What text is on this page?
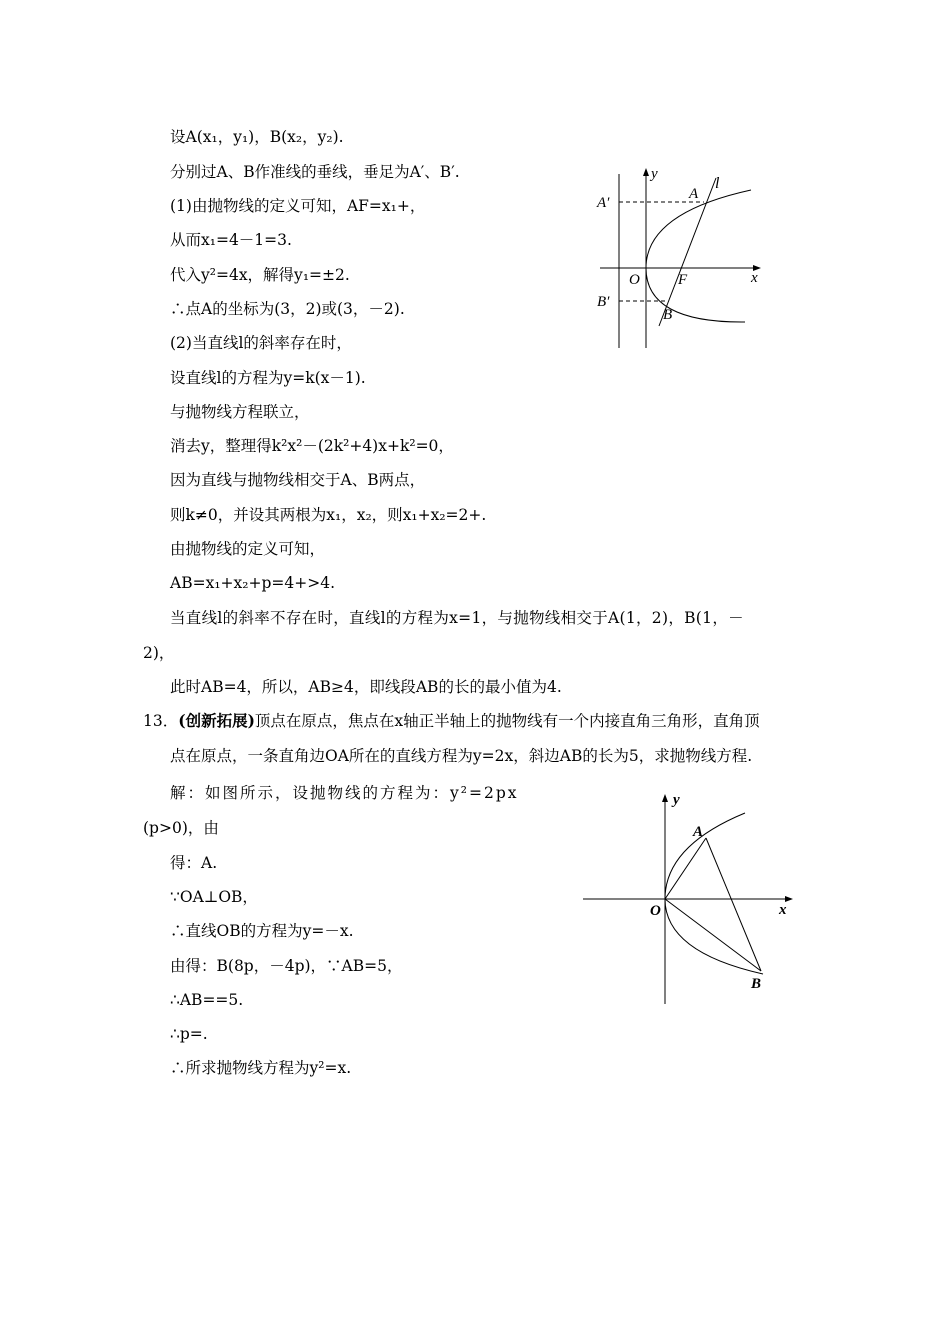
设A(x₁，y₁)，B(x₂，y₂).
分别过A、B作准线的垂线，垂足为A′、B′.
(1)由抛物线的定义可知，AF=x₁+，
从而x₁=4－1=3.
代入y²=4x，解得y₁=±2.
∴点A的坐标为(3，2)或(3，－2).
(2)当直线l的斜率存在时，
设直线l的方程为y=k(x－1).
与抛物线方程联立，
消去y，整理得k²x²－(2k²+4)x+k²=0，
因为直线与抛物线相交于A、B两点，
则k≠0，并设其两根为x₁，x₂，则x₁+x₂=2+.
由抛物线的定义可知，
AB=x₁+x₂+p=4+>4.
当直线l的斜率不存在时，直线l的方程为x=1，与抛物线相交于A(1，2)，B(1，－
2)，
此时AB=4，所以，AB≥4，即线段AB的长的最小值为4.
13．(创新拓展)顶点在原点，焦点在x轴正半轴上的抛物线有一个内接直角三角形，直角顶
点在原点，一条直角边OA所在的直线方程为y=2x，斜边AB的长为5，求抛物线方程.
解：如图所示，设抛物线的方程为：y²=2px
(p>0)，由
得：A.
∵OA⊥OB，
∴直线OB的方程为y=－x.
由得：B(8p，－4p)，∵AB=5，
∴AB==5.
∴p=.
∴所求抛物线方程为y²=x.
y
l
A
A′
O	F	x
B′
B
y
A
O	x
B
